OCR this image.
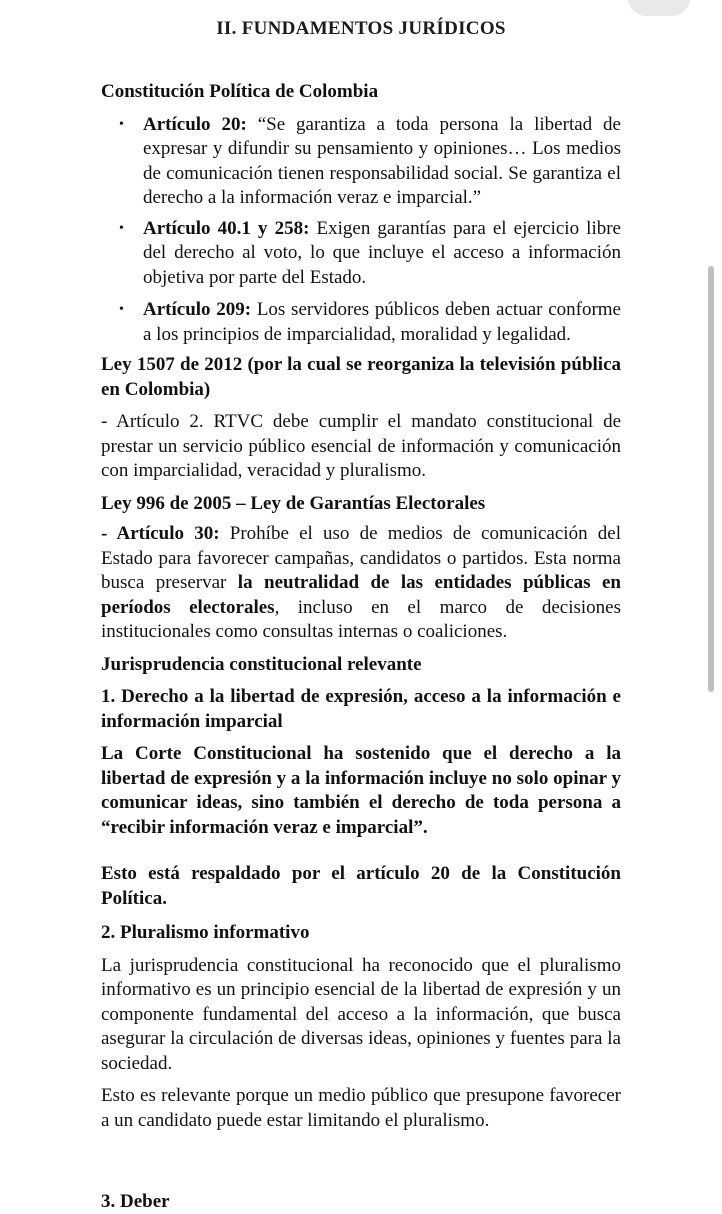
II. FUNDAMENTOS JURÍDICOS

Constitución Política de Colombia

• Artículo 20: “Se garantiza a toda persona la libertad de expresar y difundir su pensamiento y opiniones… Los medios de comunicación tienen responsabilidad social. Se garantiza el derecho a la información veraz e imparcial.”
• Artículo 40.1 y 258: Exigen garantías para el ejercicio libre del derecho al voto, lo que incluye el acceso a información objetiva por parte del Estado.
• Artículo 209: Los servidores públicos deben actuar conforme a los principios de imparcialidad, moralidad y legalidad.

Ley 1507 de 2012 (por la cual se reorganiza la televisión pública en Colombia)

- Artículo 2. RTVC debe cumplir el mandato constitucional de prestar un servicio público esencial de información y comunicación con imparcialidad, veracidad y pluralismo.

Ley 996 de 2005 – Ley de Garantías Electorales

- Artículo 30: Prohíbe el uso de medios de comunicación del Estado para favorecer campañas, candidatos o partidos. Esta norma busca preservar la neutralidad de las entidades públicas en períodos electorales, incluso en el marco de decisiones institucionales como consultas internas o coaliciones.

Jurisprudencia constitucional relevante

1. Derecho a la libertad de expresión, acceso a la información e información imparcial

La Corte Constitucional ha sostenido que el derecho a la libertad de expresión y a la información incluye no solo opinar y comunicar ideas, sino también el derecho de toda persona a “recibir información veraz e imparcial”.

Esto está respaldado por el artículo 20 de la Constitución Política.

2. Pluralismo informativo

La jurisprudencia constitucional ha reconocido que el pluralismo informativo es un principio esencial de la libertad de expresión y un componente fundamental del acceso a la información, que busca asegurar la circulación de diversas ideas, opiniones y fuentes para la sociedad.

Esto es relevante porque un medio público que presupone favorecer a un candidato puede estar limitando el pluralismo.

3. Deber
